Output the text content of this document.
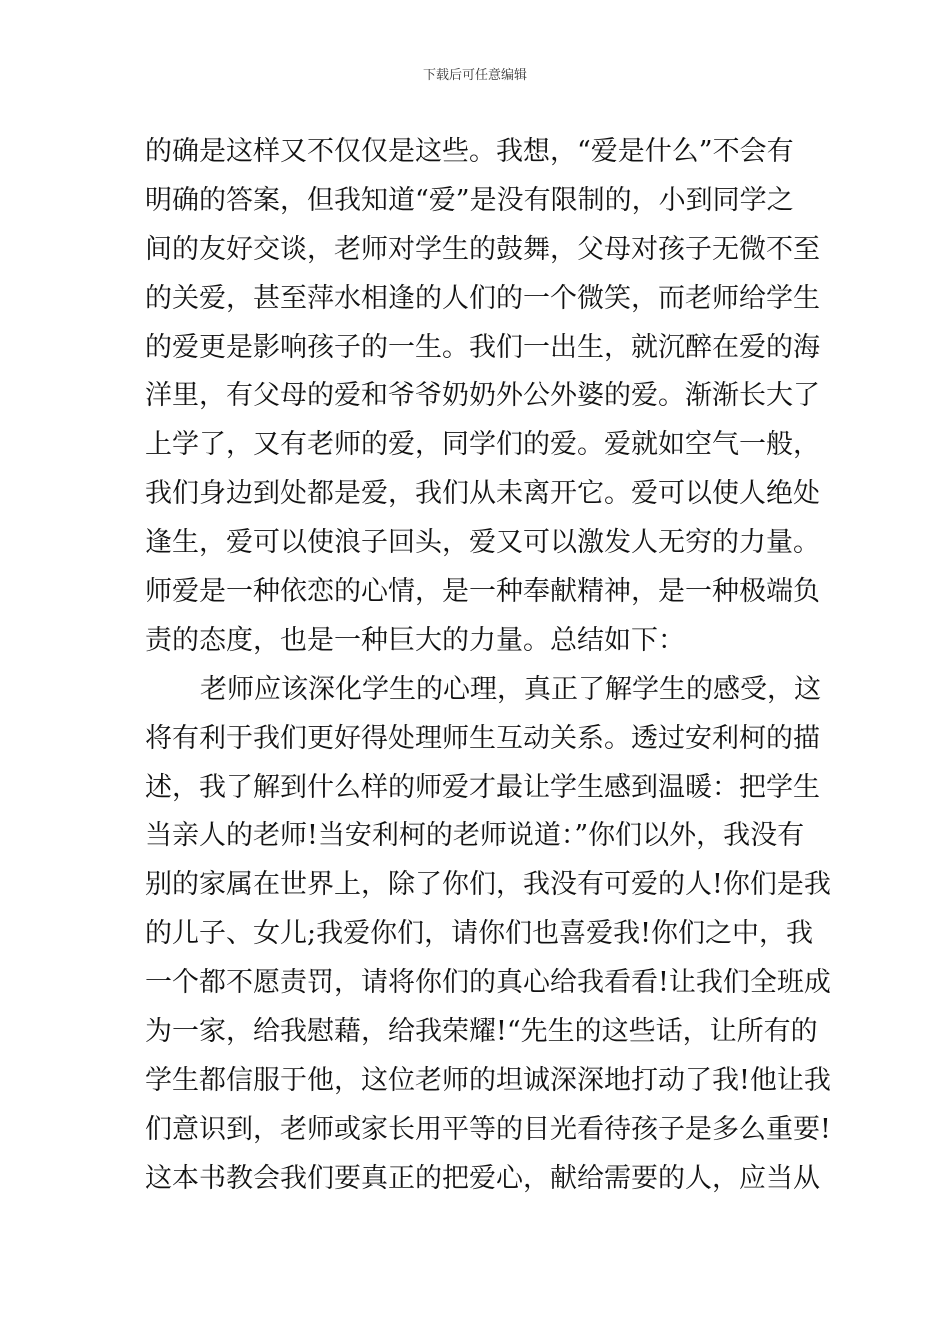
下载后可任意编辑
的确是这样又不仅仅是这些。我想，“爱是什么”不会有
明确的答案，但我知道“爱”是没有限制的，小到同学之
间的友好交谈，老师对学生的鼓舞，父母对孩子无微不至
的关爱，甚至萍水相逢的人们的一个微笑，而老师给学生
的爱更是影响孩子的一生。我们一出生，就沉醉在爱的海
洋里，有父母的爱和爷爷奶奶外公外婆的爱。渐渐长大了
上学了，又有老师的爱，同学们的爱。爱就如空气一般，
我们身边到处都是爱，我们从未离开它。爱可以使人绝处
逢生，爱可以使浪子回头，爱又可以激发人无穷的力量。
师爱是一种依恋的心情，是一种奉献精神，是一种极端负
责的态度，也是一种巨大的力量。总结如下：
老师应该深化学生的心理，真正了解学生的感受，这
将有利于我们更好得处理师生互动关系。透过安利柯的描
述，我了解到什么样的师爱才最让学生感到温暖：把学生
当亲人的老师!当安利柯的老师说道：”你们以外，我没有
别的家属在世界上，除了你们，我没有可爱的人!你们是我
的儿子、女儿;我爱你们，请你们也喜爱我!你们之中，我
一个都不愿责罚，请将你们的真心给我看看!让我们全班成
为一家，给我慰藉，给我荣耀!“先生的这些话，让所有的
学生都信服于他，这位老师的坦诚深深地打动了我!他让我
们意识到，老师或家长用平等的目光看待孩子是多么重要!
这本书教会我们要真正的把爱心，献给需要的人，应当从
